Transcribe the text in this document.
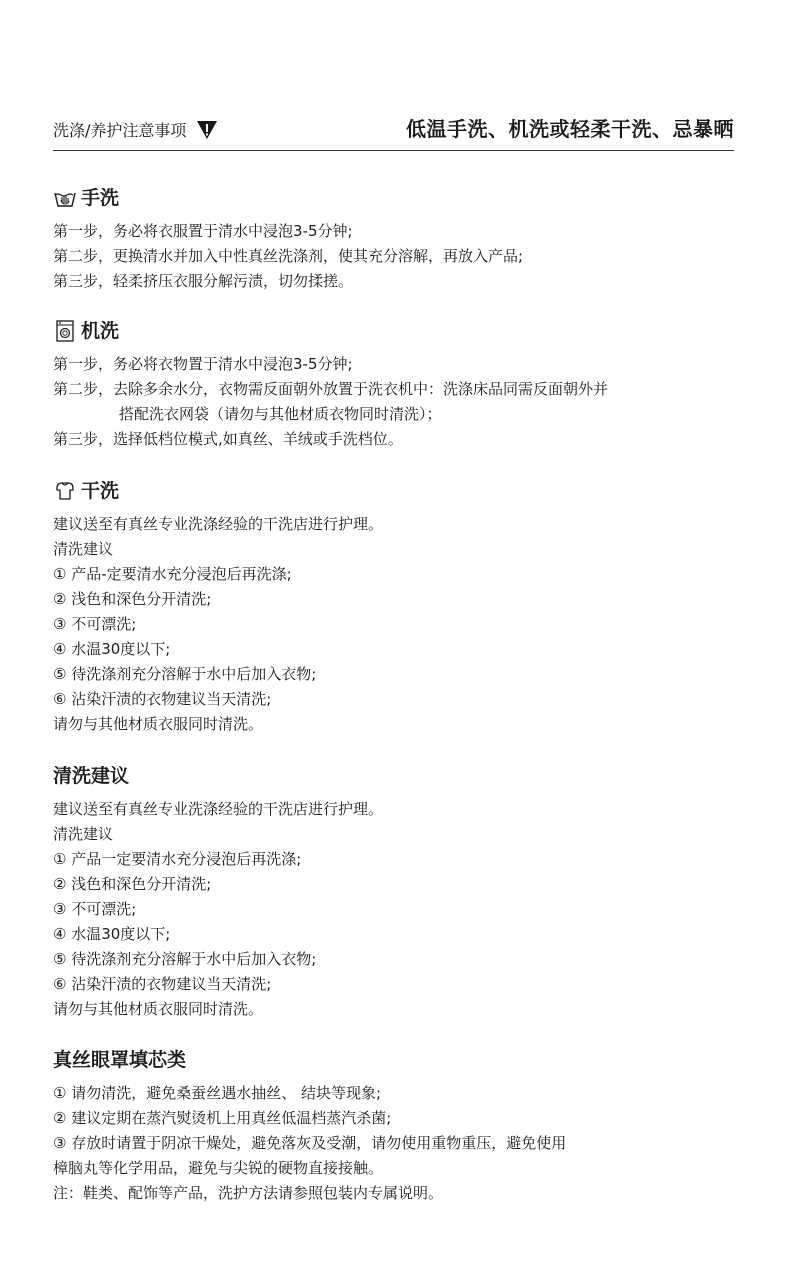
洗涤/养护注意事项	低温手洗、机洗或轻柔干洗、忌暴晒
手洗
第一步，务必将衣服置于清水中浸泡3-5分钟;
第二步，更换清水并加入中性真丝洗涤剂，使其充分溶解，再放入产品;
第三步，轻柔挤压衣服分解污渍，切勿揉搓。
机洗
第一步，务必将衣物置于清水中浸泡3-5分钟;
第二步，去除多余水分，衣物需反面朝外放置于洗衣机中：洗涤床品同需反面朝外并
搭配洗衣网袋（请勿与其他材质衣物同时清洗）；
第三步，选择低档位模式,如真丝、羊绒或手洗档位。
干洗
建议送至有真丝专业洗涤经验的干洗店进行护理。
清洗建议
① 产品-定要清水充分浸泡后再洗涤;
② 浅色和深色分开清洗;
③ 不可漂洗;
④ 水温30度以下;
⑤ 待洗涤剂充分溶解于水中后加入衣物;
⑥ 沾染汗渍的衣物建议当天清洗;
请勿与其他材质衣服同时清洗。
清洗建议
建议送至有真丝专业洗涤经验的干洗店进行护理。
清洗建议
① 产品一定要清水充分浸泡后再洗涤;
② 浅色和深色分开清洗;
③ 不可漂洗;
④ 水温30度以下;
⑤ 待洗涤剂充分溶解于水中后加入衣物;
⑥ 沾染汗渍的衣物建议当天清洗;
请勿与其他材质衣服同时清洗。
真丝眼罩填芯类
① 请勿清洗，避免桑蚕丝遇水抽丝、 结块等现象;
② 建议定期在蒸汽熨烫机上用真丝低温档蒸汽杀菌;
③ 存放时请置于阴凉干燥处，避免落灰及受潮，请勿使用重物重压，避免使用
樟脑丸等化学用品，避免与尖锐的硬物直接接触。
注：鞋类、配饰等产品，洗护方法请参照包装内专属说明。
